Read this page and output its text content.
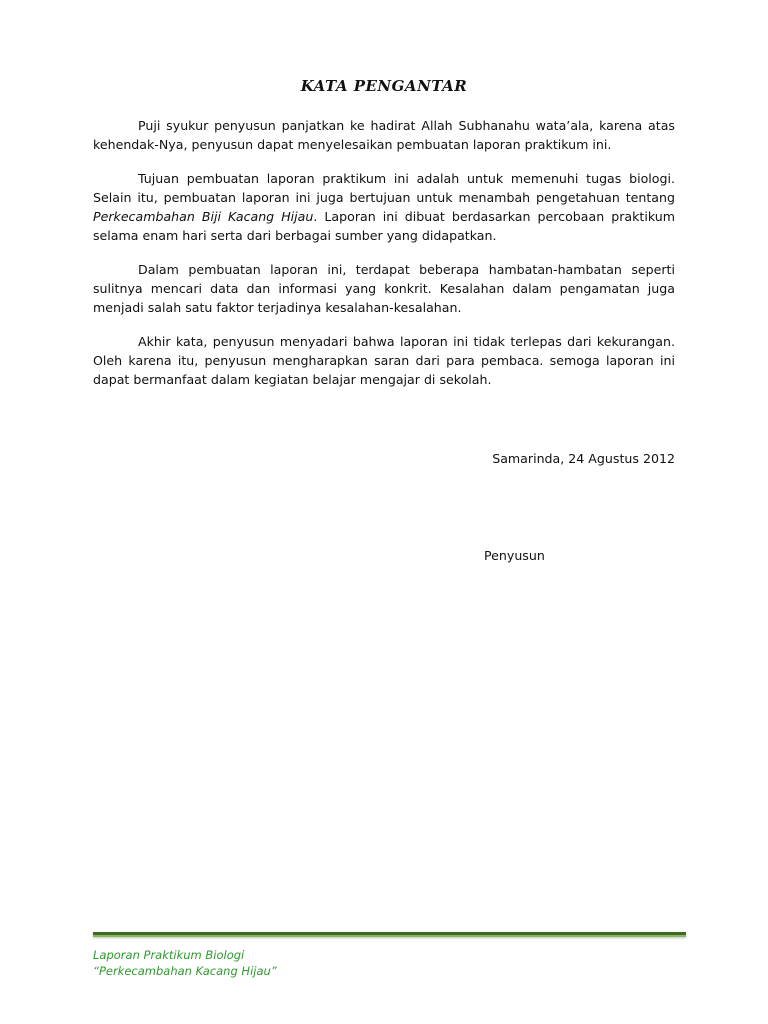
KATA PENGANTAR

Puji syukur penyusun panjatkan ke hadirat Allah Subhanahu wata’ala, karena atas kehendak-Nya, penyusun dapat menyelesaikan pembuatan laporan praktikum ini.

Tujuan pembuatan laporan praktikum ini adalah untuk memenuhi tugas biologi. Selain itu, pembuatan laporan ini juga bertujuan untuk menambah pengetahuan tentang Perkecambahan Biji Kacang Hijau. Laporan ini dibuat berdasarkan percobaan praktikum selama enam hari serta dari berbagai sumber yang didapatkan.

Dalam pembuatan laporan ini, terdapat beberapa hambatan-hambatan seperti sulitnya mencari data dan informasi yang konkrit. Kesalahan dalam pengamatan juga menjadi salah satu faktor terjadinya kesalahan-kesalahan.

Akhir kata, penyusun menyadari bahwa laporan ini tidak terlepas dari kekurangan. Oleh karena itu, penyusun mengharapkan saran dari para pembaca. semoga laporan ini dapat bermanfaat dalam kegiatan belajar mengajar di sekolah.

Samarinda, 24 Agustus 2012

Penyusun

Laporan Praktikum Biologi
“Perkecambahan Kacang Hijau”
